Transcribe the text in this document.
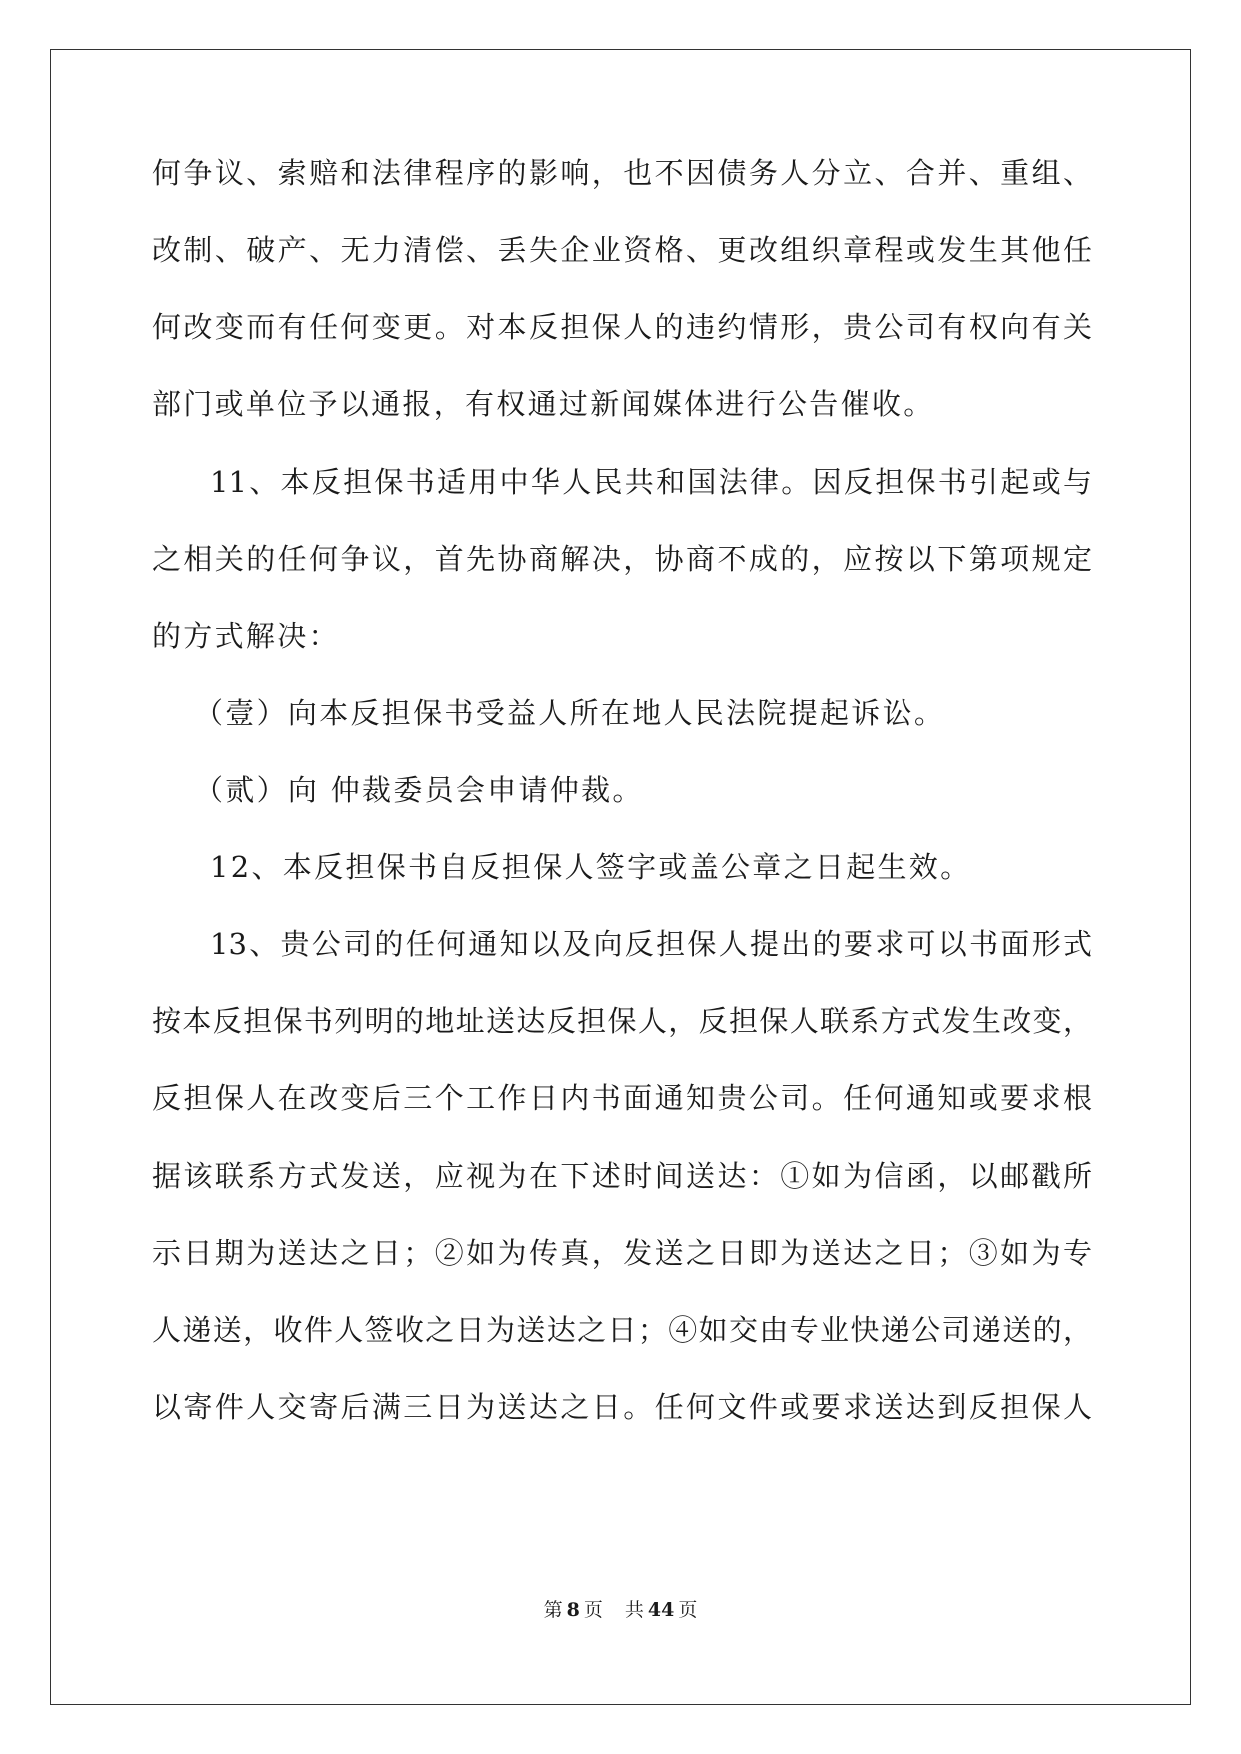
何争议、索赔和法律程序的影响，也不因债务人分立、合并、重组、
改制、破产、无力清偿、丢失企业资格、更改组织章程或发生其他任
何改变而有任何变更。对本反担保人的违约情形，贵公司有权向有关
部门或单位予以通报，有权通过新闻媒体进行公告催收。
11、本反担保书适用中华人民共和国法律。因反担保书引起或与
之相关的任何争议，首先协商解决，协商不成的，应按以下第项规定
的方式解决：
（壹）向本反担保书受益人所在地人民法院提起诉讼。
（贰）向 仲裁委员会申请仲裁。
12、本反担保书自反担保人签字或盖公章之日起生效。
13、贵公司的任何通知以及向反担保人提出的要求可以书面形式
按本反担保书列明的地址送达反担保人，反担保人联系方式发生改变，
反担保人在改变后三个工作日内书面通知贵公司。任何通知或要求根
据该联系方式发送，应视为在下述时间送达：①如为信函，以邮戳所
示日期为送达之日；②如为传真，发送之日即为送达之日；③如为专
人递送，收件人签收之日为送达之日；④如交由专业快递公司递送的，
以寄件人交寄后满三日为送达之日。任何文件或要求送达到反担保人
第 8 页 共 44 页
